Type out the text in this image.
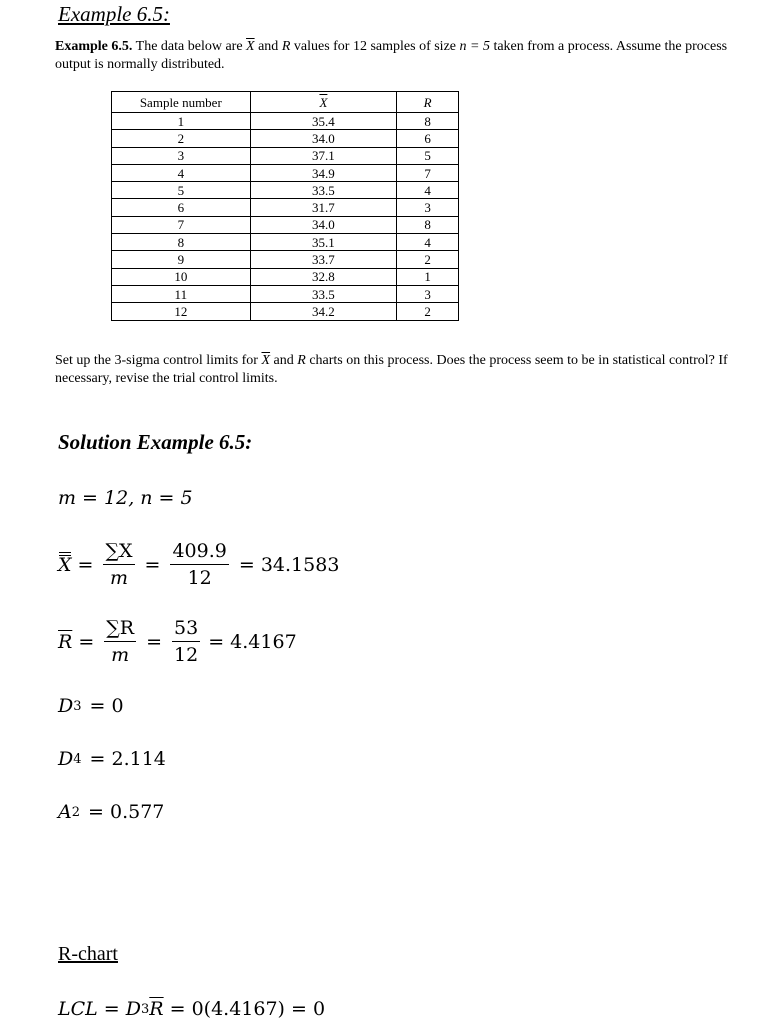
Example 6.5:
Example 6.5. The data below are $\overline{X}$ and R values for 12 samples of size n = 5 taken from a process. Assume the process output is normally distributed.
Sample number	$\overline{X}$	R
1	35.4	8
2	34.0	6
3	37.1	5
4	34.9	7
5	33.5	4
6	31.7	3
7	34.0	8
8	35.1	4
9	33.7	2
10	32.8	1
11	33.5	3
12	34.2	2
Set up the 3-sigma control limits for $\overline{X}$ and R charts on this process. Does the process seem to be in statistical control? If necessary, revise the trial control limits.
Solution Example 6.5:
m = 12, n = 5
$X = \frac{\sum X}{m} = \frac{409.9}{12} = 34.1583$
$\overline{R} = \frac{\sum R}{m} = \frac{53}{12} = 4.4167$
D 3 = 0
D 4 = 2.114
A 2 = 0.577
R-chart
LCL = D 3 $\overline{R} = 0(4.4167) = 0$
